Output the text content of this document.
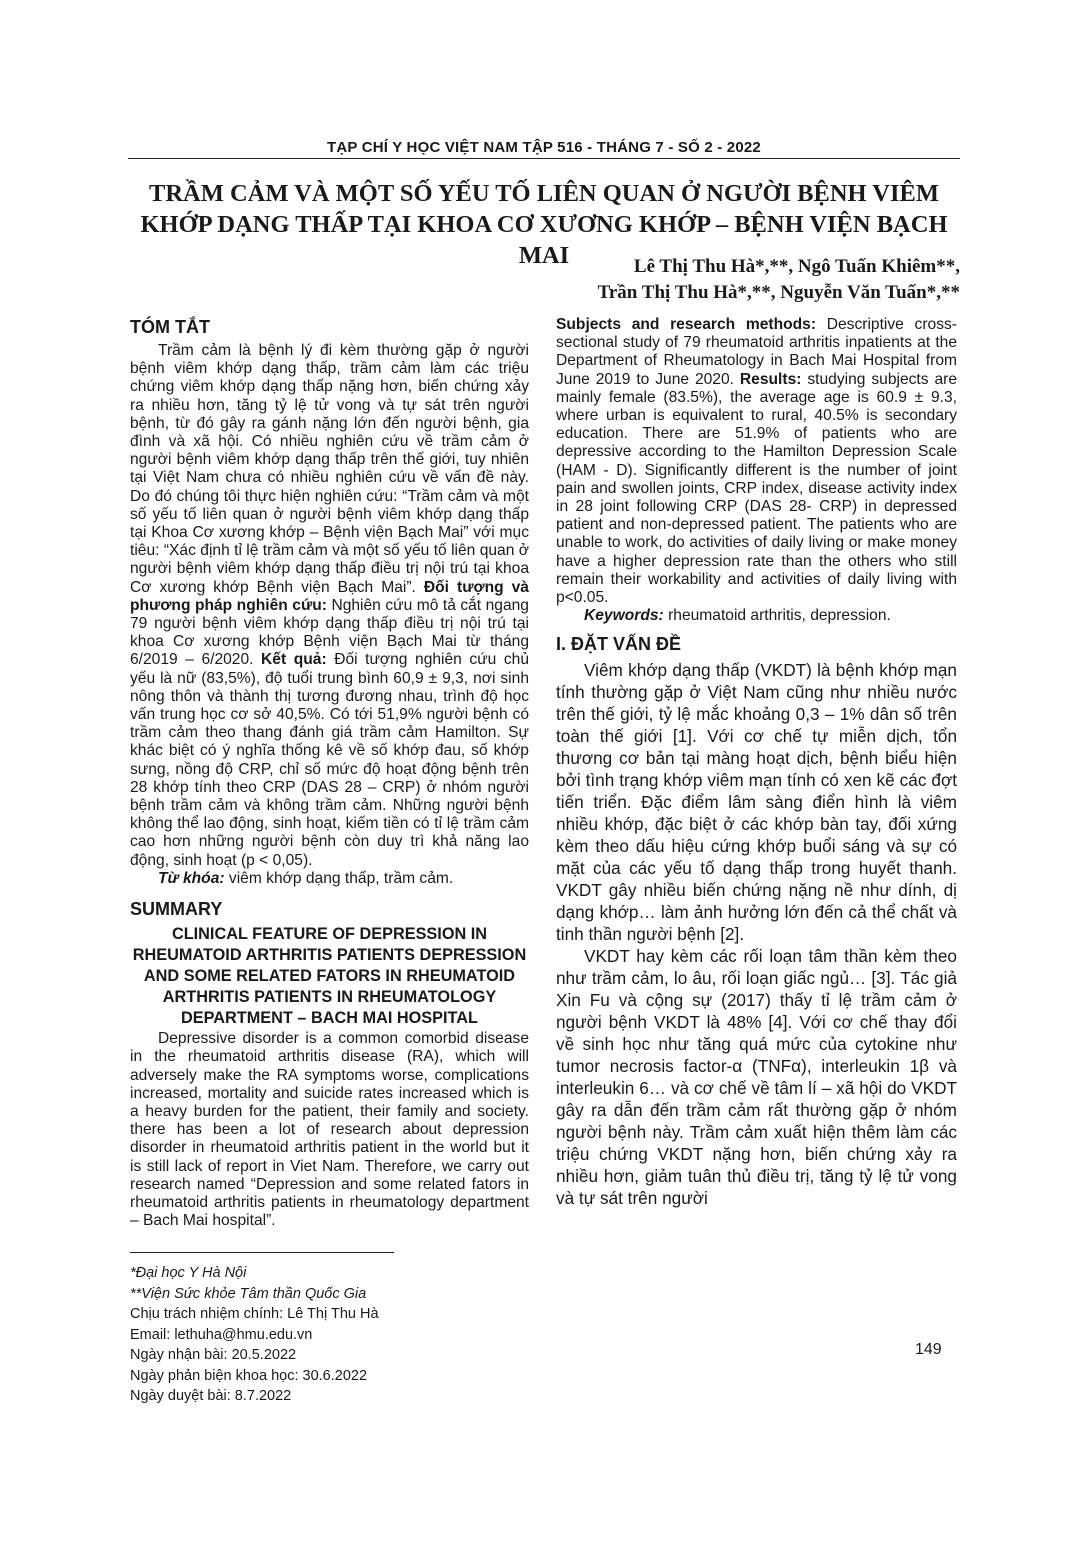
TẠP CHÍ Y HỌC VIỆT NAM TẬP 516 - THÁNG 7 - SỐ 2 - 2022
TRẦM CẢM VÀ MỘT SỐ YẾU TỐ LIÊN QUAN Ở NGƯỜI BỆNH VIÊM KHỚP DẠNG THẤP TẠI KHOA CƠ XƯƠNG KHỚP – BỆNH VIỆN BẠCH MAI	Lê Thị Thu Hà*,**, Ngô Tuấn Khiêm**,
Trần Thị Thu Hà*,**, Nguyễn Văn Tuấn*,**
TÓM TẮT

Trầm cảm là bệnh lý đi kèm thường gặp ở người bệnh viêm khớp dạng thấp, trầm cảm làm các triệu chứng viêm khớp dạng thấp nặng hơn, biến chứng xảy ra nhiều hơn, tăng tỷ lệ tử vong và tự sát trên người bệnh, từ đó gây ra gánh nặng lớn đến người bệnh, gia đình và xã hội. Có nhiều nghiên cứu về trầm cảm ở người bệnh viêm khớp dạng thấp trên thế giới, tuy nhiên tại Việt Nam chưa có nhiều nghiên cứu về vấn đề này. Do đó chúng tôi thực hiện nghiên cứu: “Trầm cảm và một số yếu tố liên quan ở người bệnh viêm khớp dạng thấp tại Khoa Cơ xương khớp – Bệnh viện Bạch Mai” với mục tiêu: “Xác định tỉ lệ trầm cảm và một số yếu tố liên quan ở người bệnh viêm khớp dạng thấp điều trị nội trú tại khoa Cơ xương khớp Bệnh viện Bạch Mai”. Đối tượng và phương pháp nghiên cứu: Nghiên cứu mô tả cắt ngang 79 người bệnh viêm khớp dạng thấp điều trị nội trú tại khoa Cơ xương khớp Bệnh viện Bạch Mai từ tháng 6/2019 – 6/2020. Kết quả: Đối tượng nghiên cứu chủ yếu là nữ (83,5%), độ tuổi trung bình 60,9 ± 9,3, nơi sinh nông thôn và thành thị tương đương nhau, trình độ học vấn trung học cơ sở 40,5%. Có tới 51,9% người bệnh có trầm cảm theo thang đánh giá trầm cảm Hamilton. Sự khác biệt có ý nghĩa thống kê về số khớp đau, số khớp sưng, nồng độ CRP, chỉ số mức độ hoạt động bệnh trên 28 khớp tính theo CRP (DAS 28 – CRP) ở nhóm người bệnh trầm cảm và không trầm cảm. Những người bệnh không thể lao động, sinh hoạt, kiếm tiền có tỉ lệ trầm cảm cao hơn những người bệnh còn duy trì khả năng lao động, sinh hoạt (p < 0,05).

Từ khóa: viêm khớp dạng thấp, trầm cảm.

SUMMARY
CLINICAL FEATURE OF DEPRESSION IN RHEUMATOID ARTHRITIS PATIENTS DEPRESSION AND SOME RELATED FATORS IN RHEUMATOID ARTHRITIS PATIENTS IN RHEUMATOLOGY DEPARTMENT – BACH MAI HOSPITAL

Depressive disorder is a common comorbid disease in the rheumatoid arthritis disease (RA), which will adversely make the RA symptoms worse, complications increased, mortality and suicide rates increased which is a heavy burden for the patient, their family and society. there has been a lot of research about depression disorder in rheumatoid arthritis patient in the world but it is still lack of report in Viet Nam. Therefore, we carry out research named “Depression and some related fators in rheumatoid arthritis patients in rheumatology department – Bach Mai hospital”.

*Đại học Y Hà Nội
**Viện Sức khỏe Tâm thần Quốc Gia
Chịu trách nhiệm chính: Lê Thị Thu Hà
Email: lethuha@hmu.edu.vn
Ngày nhận bài: 20.5.2022
Ngày phản biện khoa học: 30.6.2022
Ngày duyệt bài: 8.7.2022

Subjects and research methods: Descriptive cross-sectional study of 79 rheumatoid arthritis inpatients at the Department of Rheumatology in Bach Mai Hospital from June 2019 to June 2020. Results: studying subjects are mainly female (83.5%), the average age is 60.9 ± 9.3, where urban is equivalent to rural, 40.5% is secondary education. There are 51.9% of patients who are depressive according to the Hamilton Depression Scale (HAM - D). Significantly different is the number of joint pain and swollen joints, CRP index, disease activity index in 28 joint following CRP (DAS 28- CRP) in depressed patient and non-depressed patient. The patients who are unable to work, do activities of daily living or make money have a higher depression rate than the others who still remain their workability and activities of daily living with p<0.05.

Keywords: rheumatoid arthritis, depression.

I. ĐẶT VẤN ĐỀ

Viêm khớp dạng thấp (VKDT) là bệnh khớp mạn tính thường gặp ở Việt Nam cũng như nhiều nước trên thế giới, tỷ lệ mắc khoảng 0,3 – 1% dân số trên toàn thế giới [1]. Với cơ chế tự miễn dịch, tổn thương cơ bản tại màng hoạt dịch, bệnh biểu hiện bởi tình trạng khớp viêm mạn tính có xen kẽ các đợt tiến triển. Đặc điểm lâm sàng điển hình là viêm nhiều khớp, đặc biệt ở các khớp bàn tay, đối xứng kèm theo dấu hiệu cứng khớp buổi sáng và sự có mặt của các yếu tố dạng thấp trong huyết thanh. VKDT gây nhiều biến chứng nặng nề như dính, dị dạng khớp… làm ảnh hưởng lớn đến cả thể chất và tinh thần người bệnh [2].

VKDT hay kèm các rối loạn tâm thần kèm theo như trầm cảm, lo âu, rối loạn giấc ngủ… [3]. Tác giả Xin Fu và cộng sự (2017) thấy tỉ lệ trầm cảm ở người bệnh VKDT là 48% [4]. Với cơ chế thay đổi về sinh học như tăng quá mức của cytokine như tumor necrosis factor-α (TNFα), interleukin 1β và interleukin 6… và cơ chế về tâm lí – xã hội do VKDT gây ra dẫn đến trầm cảm rất thường gặp ở nhóm người bệnh này. Trầm cảm xuất hiện thêm làm các triệu chứng VKDT nặng hơn, biến chứng xảy ra nhiều hơn, giảm tuân thủ điều trị, tăng tỷ lệ tử vong và tự sát trên người

149
